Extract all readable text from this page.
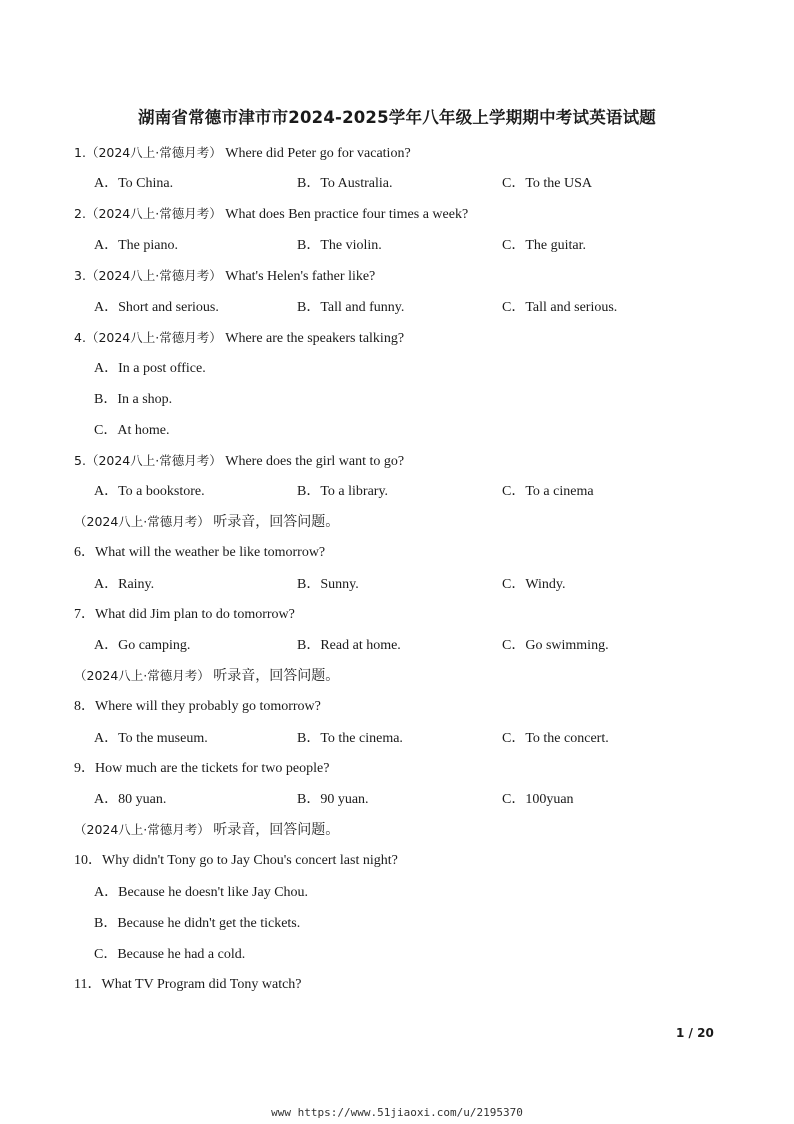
湖南省常德市津市市2024-2025学年八年级上学期期中考试英语试题
1.（2024八上·常德月考） Where did Peter go for vacation?
A．To China.	B．To Australia.	C．To the USA
2.（2024八上·常德月考） What does Ben practice four times a week?
A．The piano.	B．The violin.	C．The guitar.
3.（2024八上·常德月考） What's Helen's father like?
A．Short and serious.	B．Tall and funny.	C．Tall and serious.
4.（2024八上·常德月考） Where are the speakers talking?
A．In a post office.
B．In a shop.
C．At home.
5.（2024八上·常德月考） Where does the girl want to go?
A．To a bookstore.	B．To a library.	C．To a cinema
（2024八上·常德月考） 听录音，回答问题。
6．What will the weather be like tomorrow?
A．Rainy.	B．Sunny.	C．Windy.
7．What did Jim plan to do tomorrow?
A．Go camping.	B．Read at home.	C．Go swimming.
（2024八上·常德月考） 听录音，回答问题。
8．Where will they probably go tomorrow?
A．To the museum.	B．To the cinema.	C．To the concert.
9．How much are the tickets for two people?
A．80 yuan.	B．90 yuan.	C．100yuan
（2024八上·常德月考） 听录音，回答问题。
10．Why didn't Tony go to Jay Chou's concert last night?
A．Because he doesn't like Jay Chou.
B．Because he didn't get the tickets.
C．Because he had a cold.
11．What TV Program did Tony watch?
1 / 20
www https://www.51jiaoxi.com/u/2195370
